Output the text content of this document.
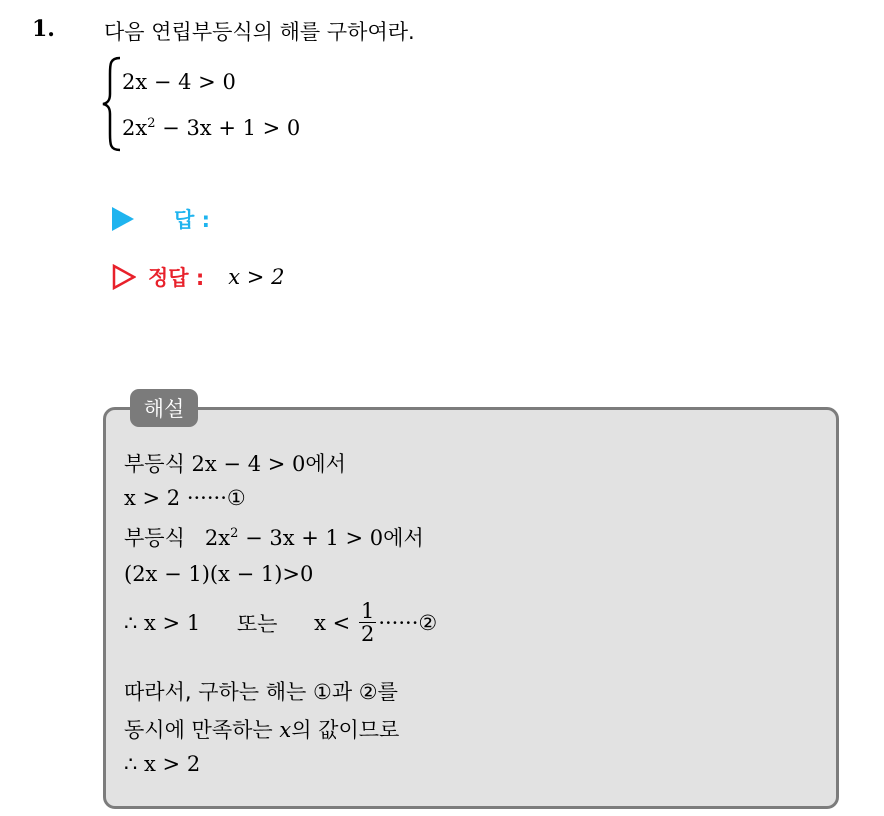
1. 다음 연립부등식의 해를 구하여라.
2x − 4 > 0
$2x^2 - 3x + 1 > 0$
답 :
정답 : x > 2
해설
부등식 2x − 4 > 0에서
x > 2 ······①
부등식   $2x^2 - 3x + 1 > 0$에서
(2x − 1)(x − 1)>0
∴ x > 1 또는 $x < \frac{1}{2}$ ······②
따라서, 구하는 해는 ①과 ②를
동시에 만족하는 x의 값이므로
∴ x > 2
